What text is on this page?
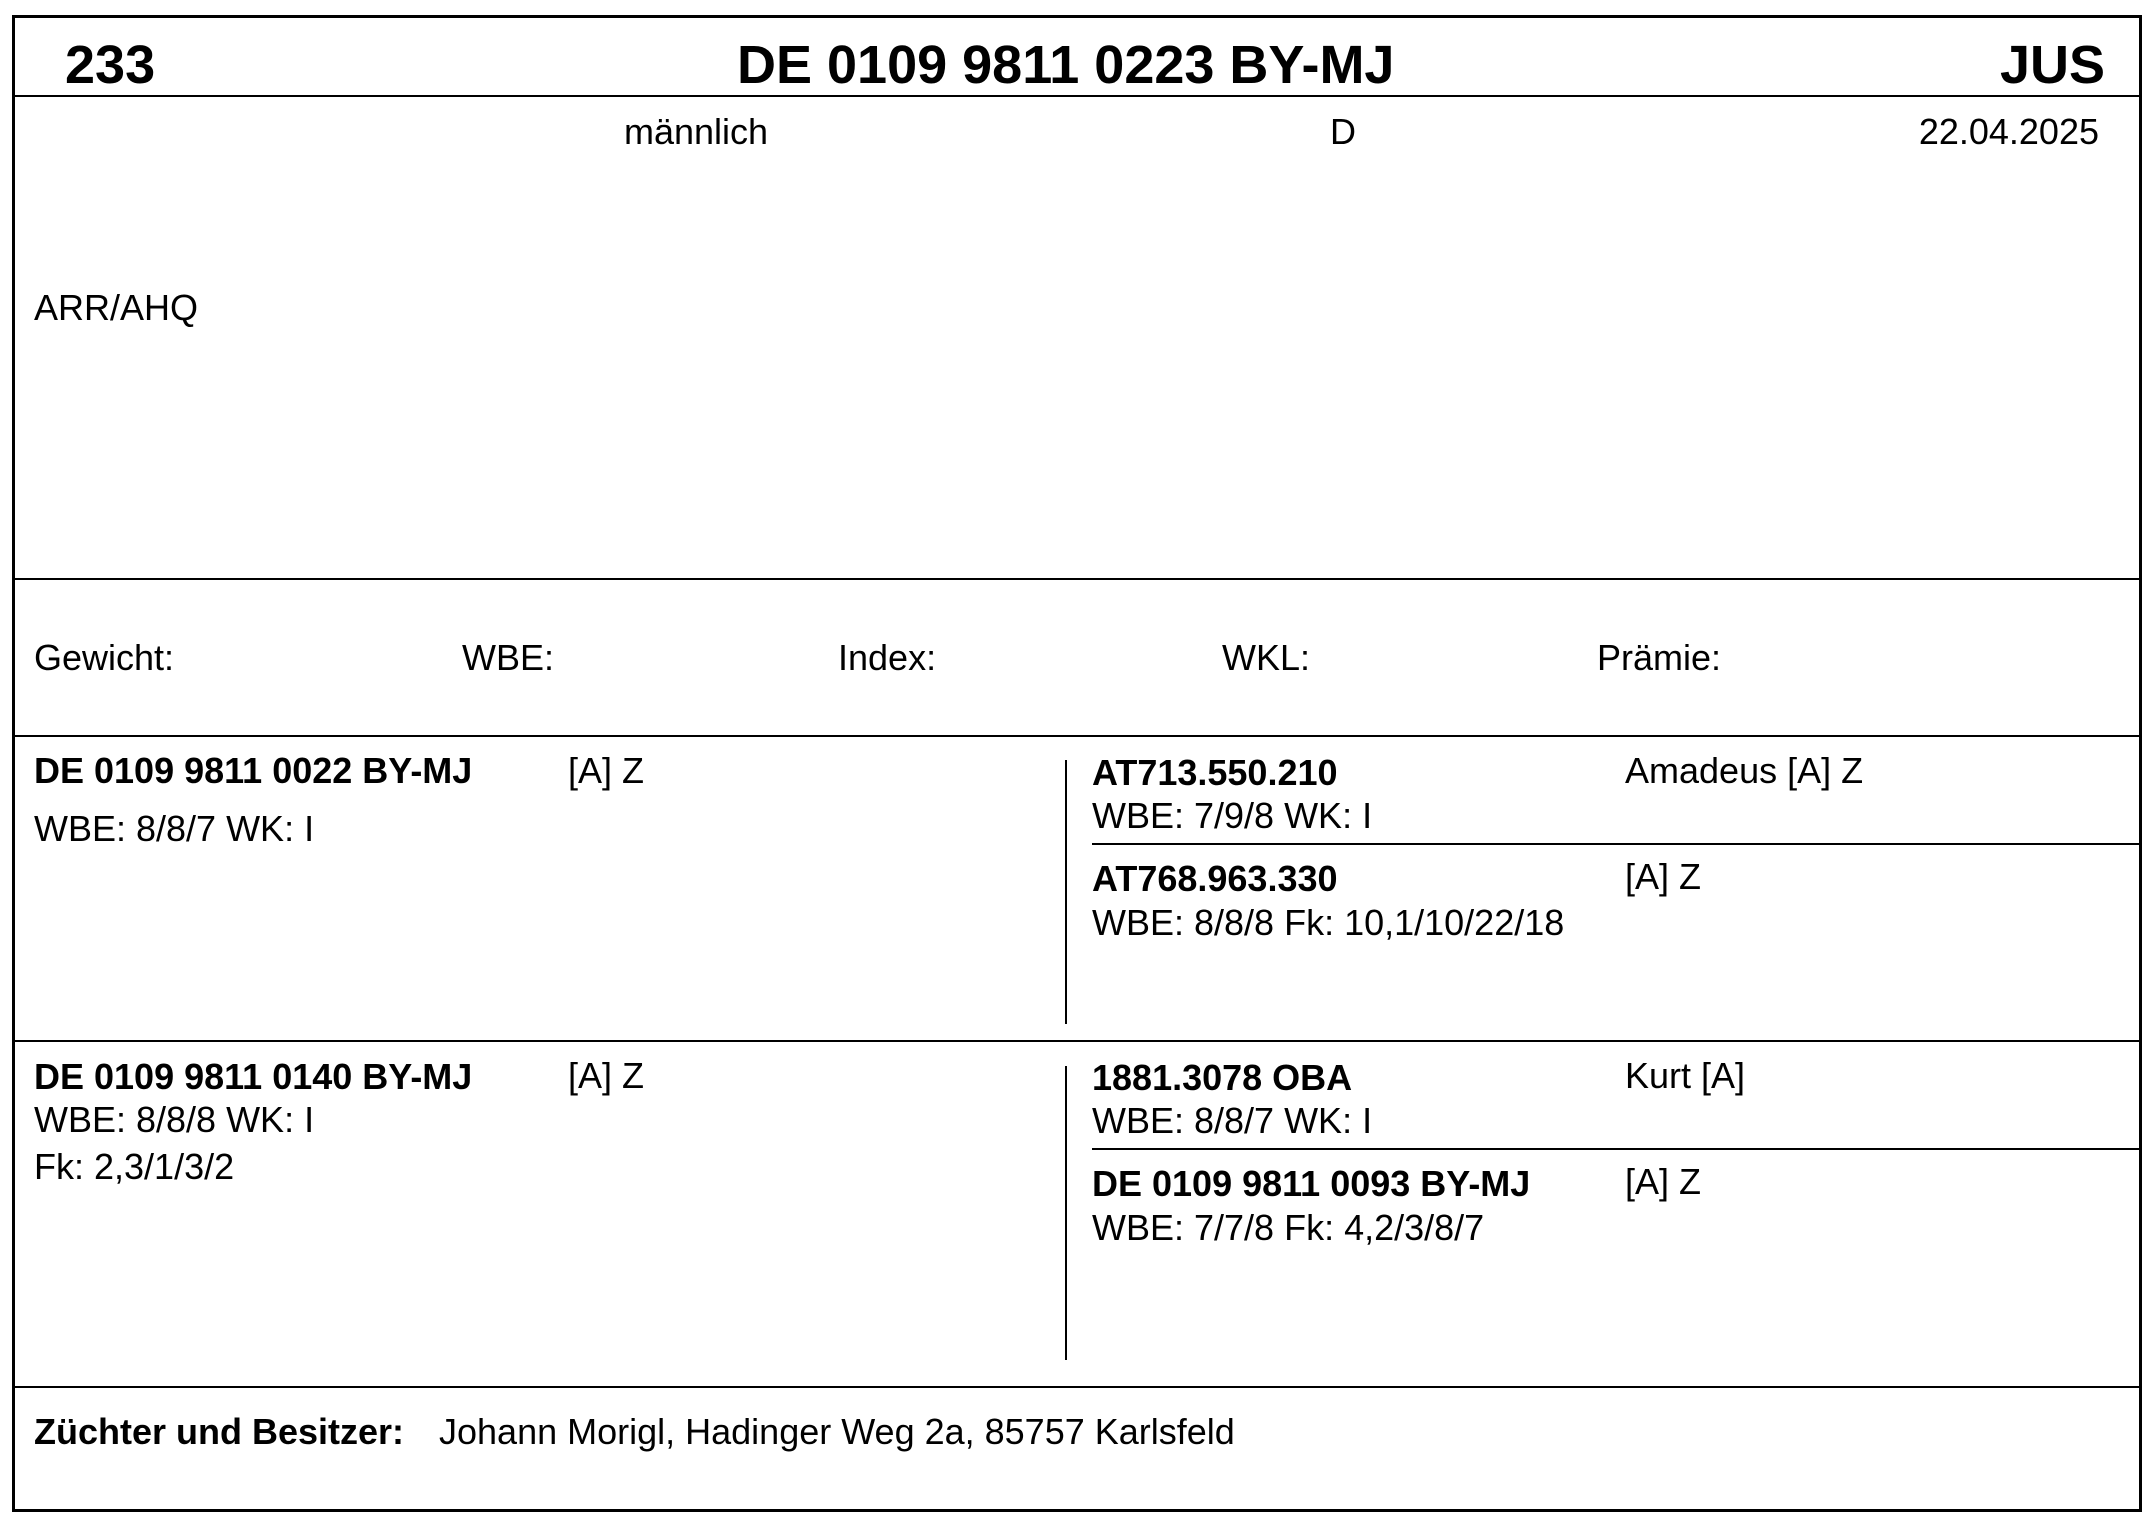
233	DE 0109 9811 0223 BY-MJ	JUS
männlich	D	22.04.2025
ARR/AHQ
Gewicht:	WBE:	Index:	WKL:	Prämie:
DE 0109 9811 0022 BY-MJ	[A] Z
WBE: 8/8/7 WK: I
AT713.550.210	Amadeus [A] Z
WBE: 7/9/8 WK: I
AT768.963.330	[A] Z
WBE: 8/8/8 Fk: 10,1/10/22/18
DE 0109 9811 0140 BY-MJ	[A] Z
WBE: 8/8/8 WK: I
Fk: 2,3/1/3/2
1881.3078 OBA	Kurt [A]
WBE: 8/8/7 WK: I
DE 0109 9811 0093 BY-MJ	[A] Z
WBE: 7/7/8 Fk: 4,2/3/8/7
Züchter und Besitzer: Johann Morigl, Hadinger Weg 2a, 85757 Karlsfeld
